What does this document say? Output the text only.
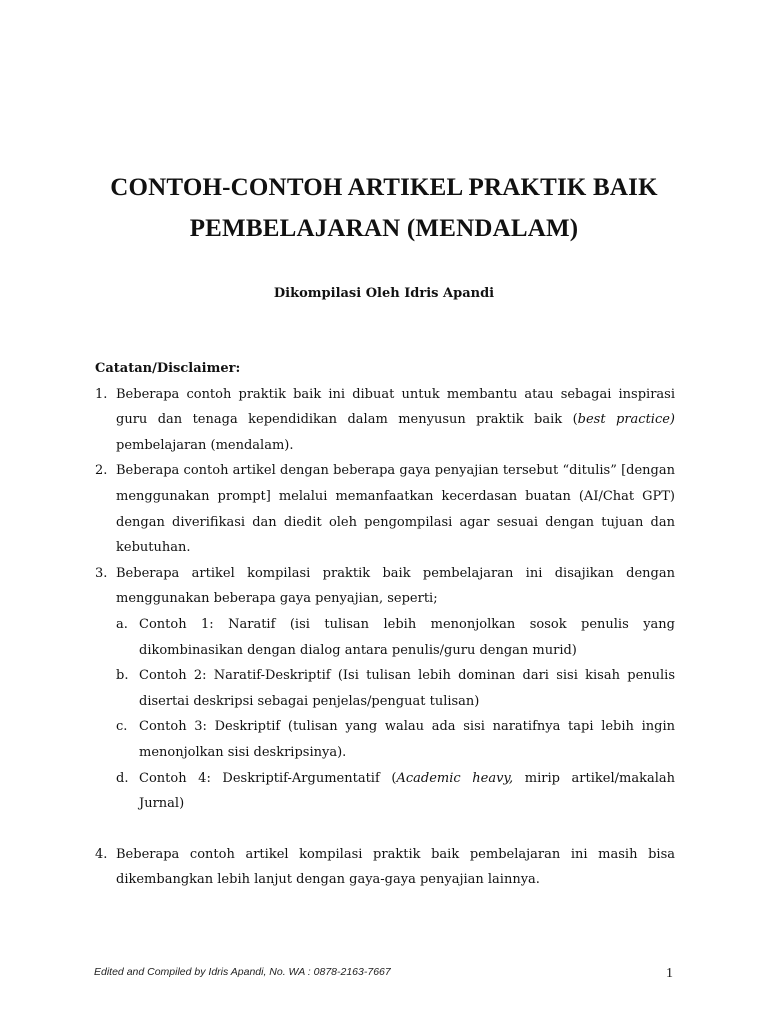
CONTOH-CONTOH ARTIKEL PRAKTIK BAIK
PEMBELAJARAN (MENDALAM)
Dikompilasi Oleh Idris Apandi

Catatan/Disclaimer:

1. Beberapa contoh praktik baik ini dibuat untuk membantu atau sebagai inspirasi guru dan tenaga kependidikan dalam menyusun praktik baik (best practice) pembelajaran (mendalam).
2. Beberapa contoh artikel dengan beberapa gaya penyajian tersebut “ditulis” [dengan menggunakan prompt] melalui memanfaatkan kecerdasan buatan (AI/Chat GPT) dengan diverifikasi dan diedit oleh pengompilasi agar sesuai dengan tujuan dan kebutuhan.
3. Beberapa artikel kompilasi praktik baik pembelajaran ini disajikan dengan menggunakan beberapa gaya penyajian, seperti;
a. Contoh 1: Naratif (isi tulisan lebih menonjolkan sosok penulis yang dikombinasikan dengan dialog antara penulis/guru dengan murid)
b. Contoh 2: Naratif-Deskriptif (Isi tulisan lebih dominan dari sisi kisah penulis disertai deskripsi sebagai penjelas/penguat tulisan)
c. Contoh 3: Deskriptif (tulisan yang walau ada sisi naratifnya tapi lebih ingin menonjolkan sisi deskripsinya).
d. Contoh 4: Deskriptif-Argumentatif (Academic heavy, mirip artikel/makalah Jurnal)
4. Beberapa contoh artikel kompilasi praktik baik pembelajaran ini masih bisa dikembangkan lebih lanjut dengan gaya-gaya penyajian lainnya.
Edited and Compiled by Idris Apandi, No. WA : 0878-2163-7667	1
